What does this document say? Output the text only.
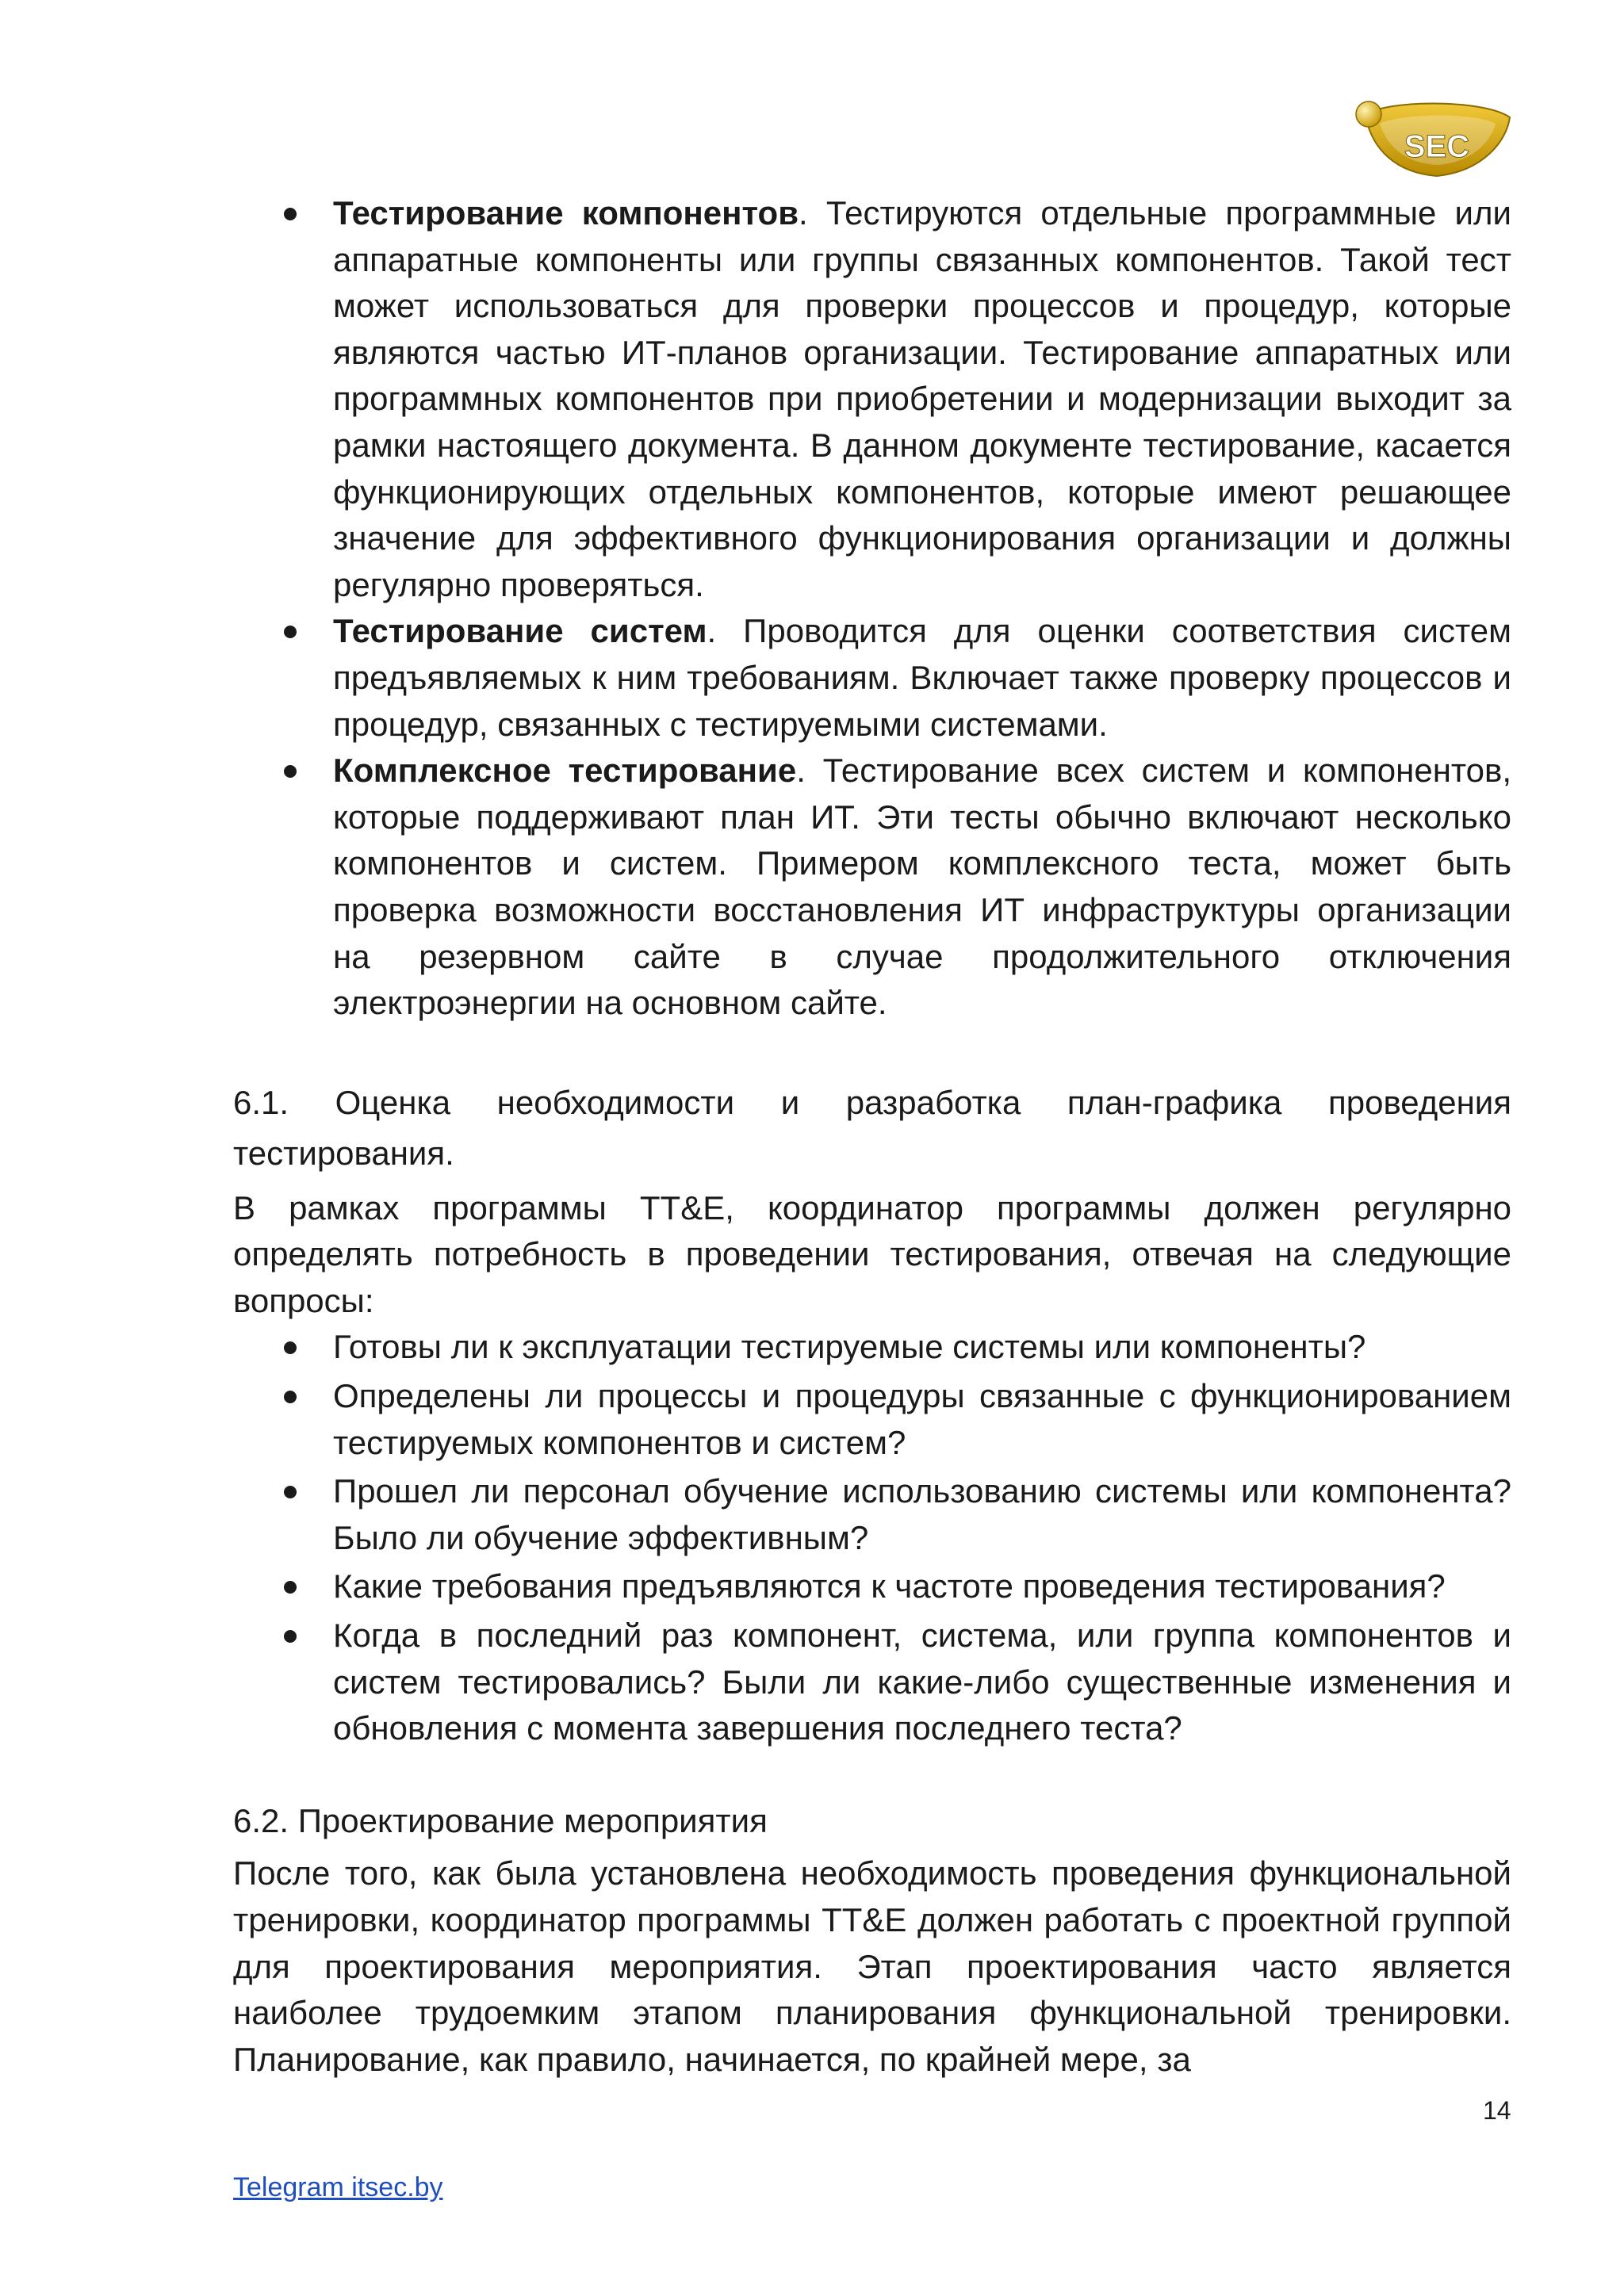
SEC

Тестирование компонентов. Тестируются отдельные программные или аппаратные компоненты или группы связанных компонентов. Такой тест может использоваться для проверки процессов и процедур, которые являются частью ИТ-планов организации. Тестирование аппаратных или программных компонентов при приобретении и модернизации выходит за рамки настоящего документа. В данном документе тестирование, касается функционирующих отдельных компонентов, которые имеют решающее значение для эффективного функционирования организации и должны регулярно проверяться.

Тестирование систем. Проводится для оценки соответствия систем предъявляемых к ним требованиям. Включает также проверку процессов и процедур, связанных с тестируемыми системами.

Комплексное тестирование. Тестирование всех систем и компонентов, которые поддерживают план ИТ. Эти тесты обычно включают несколько компонентов и систем. Примером комплексного теста, может быть проверка возможности восстановления ИТ инфраструктуры организации на резервном сайте в случае продолжительного отключения электроэнергии на основном сайте.

6.1. Оценка необходимости и разработка план-графика проведения тестирования.

В рамках программы TT&E, координатор программы должен регулярно определять потребность в проведении тестирования, отвечая на следующие вопросы:

Готовы ли к эксплуатации тестируемые системы или компоненты?

Определены ли процессы и процедуры связанные с функционированием тестируемых компонентов и систем?

Прошел ли персонал обучение использованию системы или компонента? Было ли обучение эффективным?

Какие требования предъявляются к частоте проведения тестирования?

Когда в последний раз компонент, система, или группа компонентов и систем тестировались? Были ли какие-либо существенные изменения и обновления с момента завершения последнего теста?

6.2. Проектирование мероприятия

После того, как была установлена необходимость проведения функциональной тренировки, координатор программы TT&E должен работать с проектной группой для проектирования мероприятия. Этап проектирования часто является наиболее трудоемким этапом планирования функциональной тренировки. Планирование, как правило, начинается, по крайней мере, за

14
Telegram itsec.by
